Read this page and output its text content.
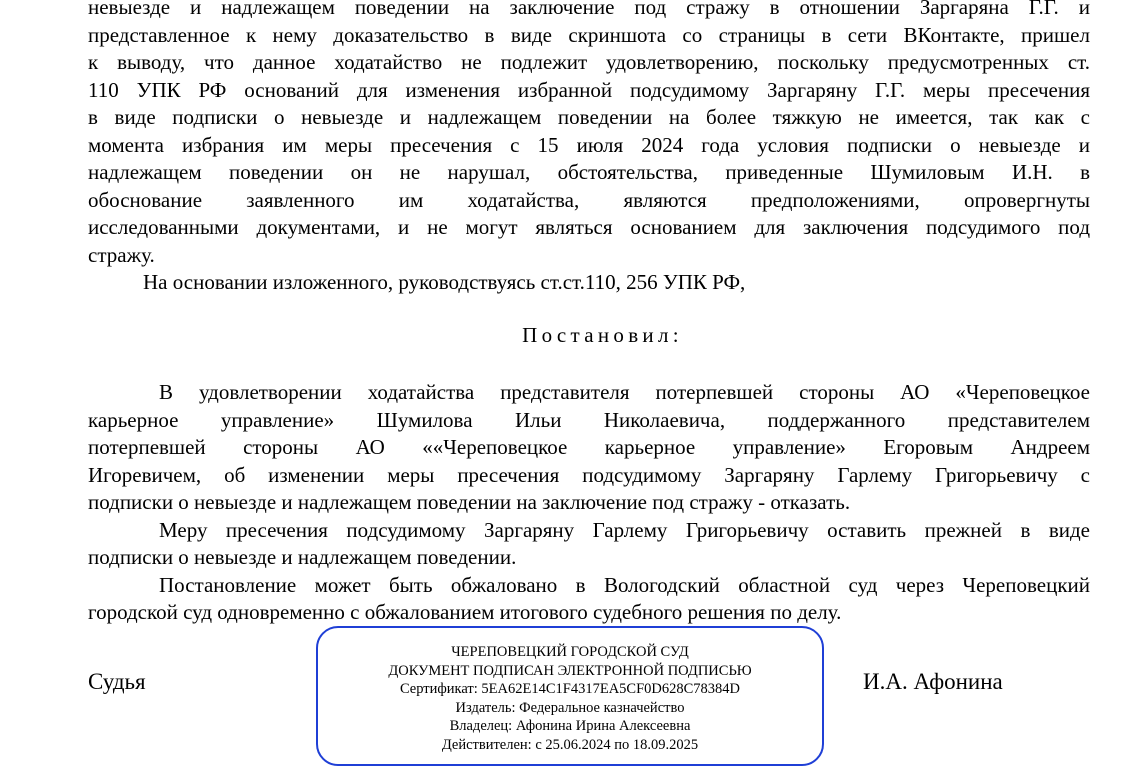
невыезде и надлежащем поведении на заключение под стражу в отношении Заргаряна Г.Г. и
представленное к нему доказательство в виде скриншота со страницы в сети ВКонтакте, пришел
к выводу, что данное ходатайство не подлежит удовлетворению, поскольку предусмотренных ст.
110 УПК РФ оснований для изменения избранной подсудимому Заргаряну Г.Г. меры пресечения
в виде подписки о невыезде и надлежащем поведении на более тяжкую не имеется, так как с
момента избрания им меры пресечения с 15 июля 2024 года условия подписки о невыезде и
надлежащем поведении он не нарушал, обстоятельства, приведенные Шумиловым И.Н. в
обоснование заявленного им ходатайства, являются предположениями, опровергнуты
исследованными документами, и не могут являться основанием для заключения подсудимого под
стражу.
На основании изложенного, руководствуясь ст.ст.110, 256 УПК РФ,
Постановил:
В удовлетворении ходатайства представителя потерпевшей стороны АО «Череповецкое
карьерное управление» Шумилова Ильи Николаевича, поддержанного представителем
потерпевшей стороны АО ««Череповецкое карьерное управление» Егоровым Андреем
Игоревичем, об изменении меры пресечения подсудимому Заргаряну Гарлему Григорьевичу с
подписки о невыезде и надлежащем поведении на заключение под стражу - отказать.
Меру пресечения подсудимому Заргаряну Гарлему Григорьевичу оставить прежней в виде
подписки о невыезде и надлежащем поведении.
Постановление может быть обжаловано в Вологодский областной суд через Череповецкий
городской суд одновременно с обжалованием итогового судебного решения по делу.
Судья
ЧЕРЕПОВЕЦКИЙ ГОРОДСКОЙ СУД
ДОКУМЕНТ ПОДПИСАН ЭЛЕКТРОННОЙ ПОДПИСЬЮ
Сертификат: 5EA62E14C1F4317EA5CF0D628C78384D
Издатель: Федеральное казначейство
Владелец: Афонина Ирина Алексеевна
Действителен: с 25.06.2024 по 18.09.2025
И.А. Афонина
